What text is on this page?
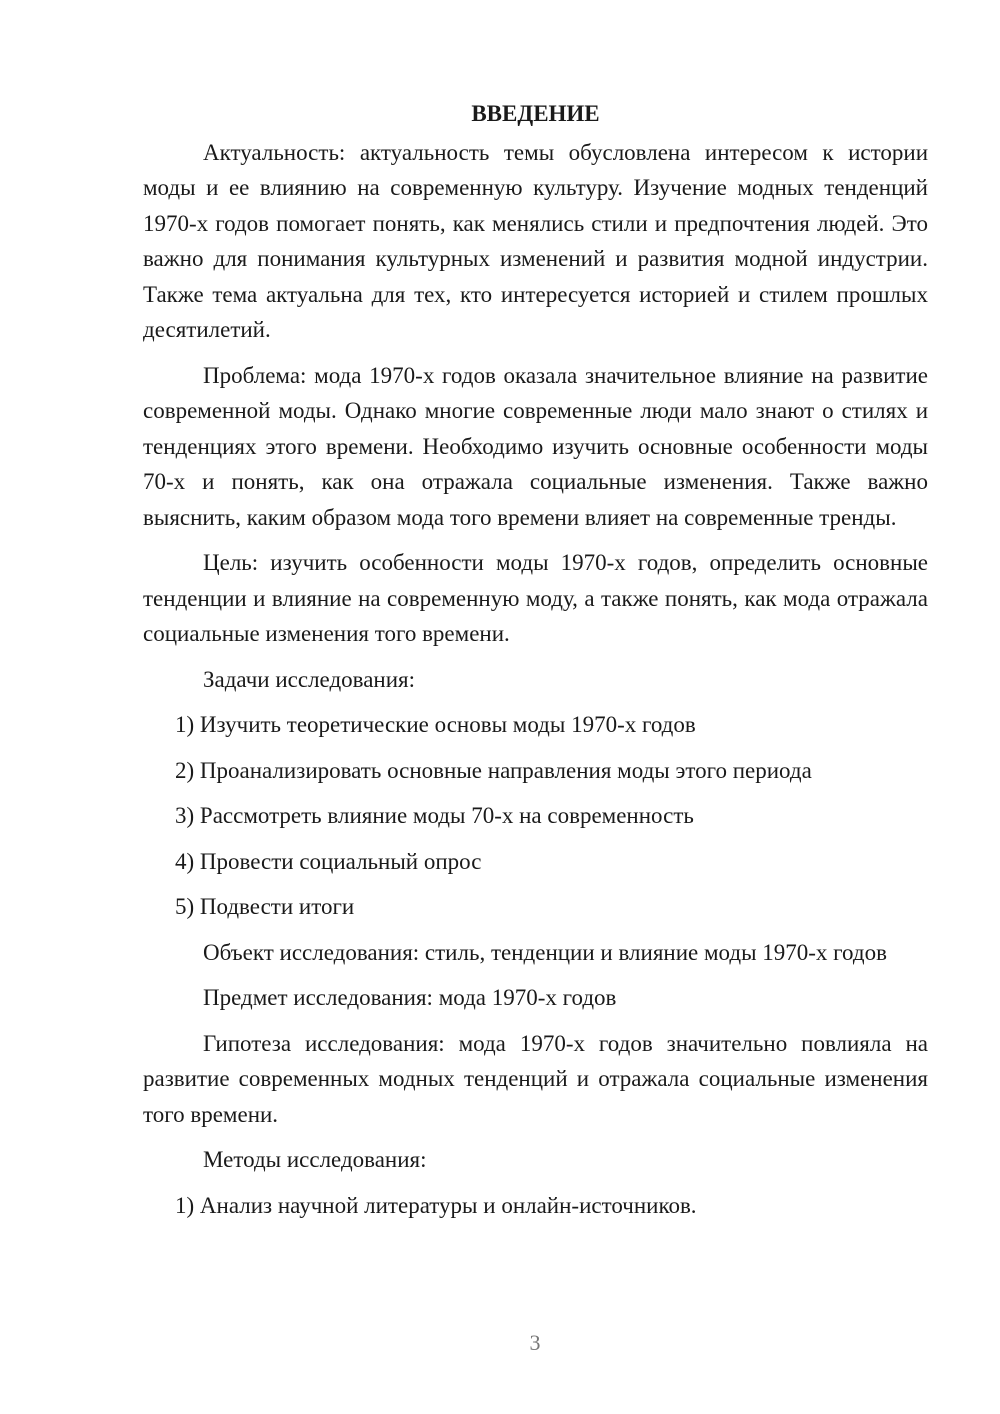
ВВЕДЕНИЕ

Актуальность: актуальность темы обусловлена интересом к истории моды и ее влиянию на современную культуру. Изучение модных тенденций 1970-х годов помогает понять, как менялись стили и предпочтения людей. Это важно для понимания культурных изменений и развития модной индустрии. Также тема актуальна для тех, кто интересуется историей и стилем прошлых десятилетий.

Проблема: мода 1970-х годов оказала значительное влияние на развитие современной моды. Однако многие современные люди мало знают о стилях и тенденциях этого времени. Необходимо изучить основные особенности моды 70-х и понять, как она отражала социальные изменения. Также важно выяснить, каким образом мода того времени влияет на современные тренды.

Цель: изучить особенности моды 1970-х годов, определить основные тенденции и влияние на современную моду, а также понять, как мода отражала социальные изменения того времени.

Задачи исследования:

1) Изучить теоретические основы моды 1970-х годов

2) Проанализировать основные направления моды этого периода

3) Рассмотреть влияние моды 70-х на современность

4) Провести социальный опрос

5) Подвести итоги

Объект исследования: стиль, тенденции и влияние моды 1970-х годов

Предмет исследования: мода 1970-х годов

Гипотеза исследования: мода 1970-х годов значительно повлияла на развитие современных модных тенденций и отражала социальные изменения того времени.

Методы исследования:

1) Анализ научной литературы и онлайн-источников.

3
